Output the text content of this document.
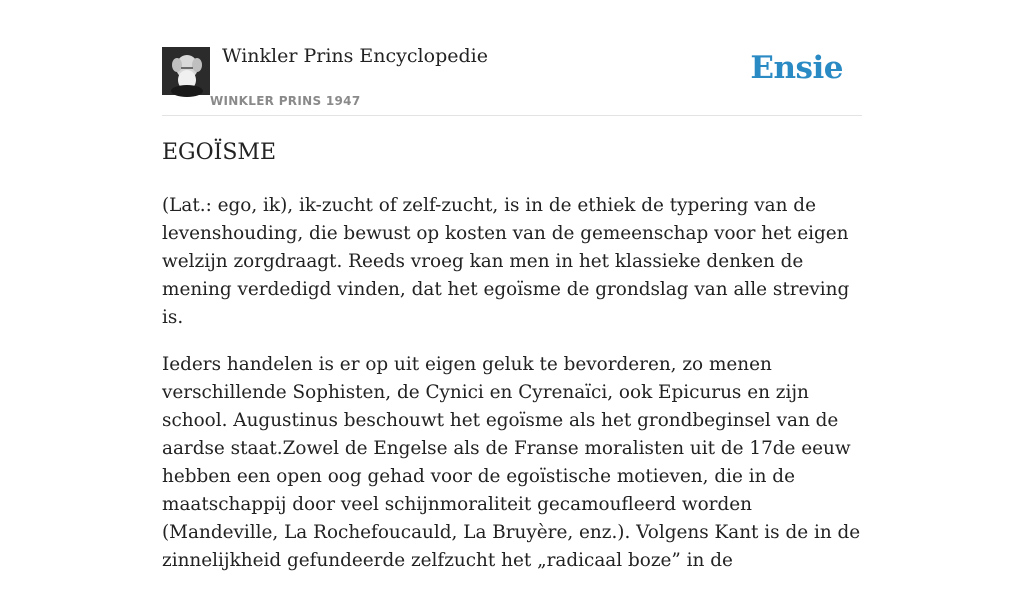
Winkler Prins Encyclopedie
WINKLER PRINS 1947
Ensie
EGOÏSME

(Lat.: ego, ik), ik-zucht of zelf-zucht, is in de ethiek de typering van de levenshouding, die bewust op kosten van de gemeenschap voor het eigen welzijn zorgdraagt. Reeds vroeg kan men in het klassieke denken de mening verdedigd vinden, dat het egoïsme de grondslag van alle streving is.

Ieders handelen is er op uit eigen geluk te bevorderen, zo menen verschillende Sophisten, de Cynici en Cyrenaïci, ook Epicurus en zijn school. Augustinus beschouwt het egoïsme als het grondbeginsel van de aardse staat.Zowel de Engelse als de Franse moralisten uit de 17de eeuw hebben een open oog gehad voor de egoïstische motieven, die in de maatschappij door veel schijnmoraliteit gecamoufleerd worden (Mandeville, La Rochefoucauld, La Bruyère, enz.). Volgens Kant is de in de zinnelijkheid gefundeerde zelfzucht het „radicaal boze” in de
